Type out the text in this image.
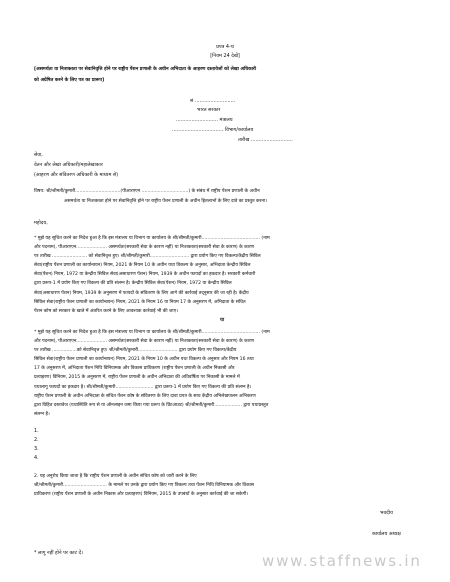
प्रपत्र 4-च
[नियम 24 देखें]
[असमर्थता या निःशक्तता पर सेवानिवृत्ति होने पर राष्ट्रीय पेंशन प्रणाली के अधीन अभिदाता के आहरण दस्तावेजों को लेखा अधिकारी
को अग्रेषित करने के लिए पत्र का प्रारूप]
सं ..........................
भारत सरकार
........................... मंत्रालय
................................. विभाग/कार्यालय
तारीख ...........................
सेवा,
वेतन और लेखा अधिकारी/महालेखाकार
(आहरण और संवितरण अधिकारी के माध्यम से)
विषय: श्री/श्रीमती/कुमारी...............................(पीआरएएन ................................) के संबंध में राष्ट्रीय पेंशन प्रणाली के अधीन
असमर्थता या निःशक्तता होने पर सेवानिवृत्ति होने पर राष्ट्रीय पेंशन प्रणाली के अधीन हितलाभों के लिए दावे का प्रस्तुत करना।
महोदय,
* मुझे यह सूचित करने का निदेश हुआ है कि इस मंत्रालय या विभाग या कार्यालय के श्री/श्रीमती/कुमारी........................................ (नाम
और पदनाम), पीआरएएन..................... असमर्थता(सरकारी सेवा के कारण नहीं) या निःशक्तता(सरकारी सेवा के कारण) के कारण
पर तारीख ........................ को सेवानिवृत्त हुए। श्री/श्रीमती/कुमारी........................... द्वारा प्रयोग किए गए विकल्प/केंद्रीय सिविल
सेवा(राष्ट्रीय पेंशन प्रणाली का कार्यान्वयन) नियम, 2021 के नियम 10 के अधीन यथा विकल्प के अनुसार, अभिदाता केन्द्रीय सिविल
सेवा(पेंशन) नियम, 1972 या केन्द्रीय सिविल सेवा(असाधारण पेंशन) नियम, 1939 के अधीन फायदों का हकदार है। सरकारी कर्मचारी
द्वारा प्ररूप-1 में प्रयोग किए गए विकल्प की प्रति संलग्न है। केन्द्रीय सिविल सेवा(पेंशन) नियम, 1972 या केन्द्रीय सिविल
सेवा(असाधारण पेंशन) नियम, 1939 के अनुसरण में फायदों के संवितरण के लिए आगे की कार्रवाई तद्नुसार की जा रही है। केंद्रीय
सिविल सेवा(राष्ट्रीय पेंशन प्रणाली का कार्यान्वयन) नियम, 2021 के नियम 16 या नियम 17 के अनुसरण में, अभिदाता के संचित
पेंशन कोष को सरकार के खाते में अंतरित करने के लिए आवश्यक कार्रवाई भी की जाए।
या
* मुझे यह सूचित करने का निदेश हुआ है कि इस मंत्रालय या विभाग या कार्यालय के श्री/श्रीमती/कुमारी........................................ (नाम
और पदनाम), पीआरएएन..................... असमर्थता(सरकारी सेवा के कारण नहीं) या निःशक्तता(सरकारी सेवा के कारण) के कारण
पर तारीख .................को सेवानिवृत्त हुए। श्री/श्रीमती/कुमारी........................... द्वारा प्रयोग किए गए विकल्प/केंद्रीय
सिविल सेवा(राष्ट्रीय पेंशन प्रणाली का कार्यान्वयन) नियम, 2021 के नियम 10 के अधीन यथा विकल्प के अनुसार और नियम 16 तथा
17 के अनुसरण में, अभिदाता पेंशन निधि विनियामक और विकास प्राधिकरण (राष्ट्रीय पेंशन प्रणाली के अधीन निकासी और
प्रत्याहरण) विनियम, 2015 के अनुसरण में, राष्ट्रीय पेंशन प्रणाली के अधीन अभिदाता की अधिवर्षिता पर निकासी के मामले में
यथालागू फायदों का हकदार है। श्री/श्रीमती/कुमारी.......................... द्वारा प्ररूप-1 में प्रयोग किए गए विकल्प की प्रति संलग्न है।
राष्ट्रीय पेंशन प्रणाली के अधीन अभिदाता के संचित पेंशन कोष के संवितरण के लिए दावा प्रपत्र के साथ केंद्रीय अभिलेखपालन अभिकरण
द्वारा विहित दस्तावेज (यथास्थिति रूप से या ऑनलाइन जमा किया गया प्ररूप के प्रिंटआउट) श्री/श्रीमती/कुमारी................... द्वारा यथाप्रस्तुत
संलग्न है।
1.
2.
3.
4.
2. यह अनुरोध किया जाता है कि राष्ट्रीय पेंशन प्रणाली के अधीन संचित कोष को जारी करने के लिए
श्री/श्रीमती/कुमारी.............................. के मामले पर उनके द्वारा प्रयोग किए गए विकल्प तथा पेंशन निधि विनियामक और विकास
प्राधिकरण (राष्ट्रीय पेंशन प्रणाली के अधीन निकास और प्रत्याहरण) विनियम, 2015 के उपबंधों के अनुसार कार्रवाई की जा सकेगी।
भवदीय
कार्यालय अध्यक्ष
* लागू नहीं होने पर काट दें।	www.staffnews.in
